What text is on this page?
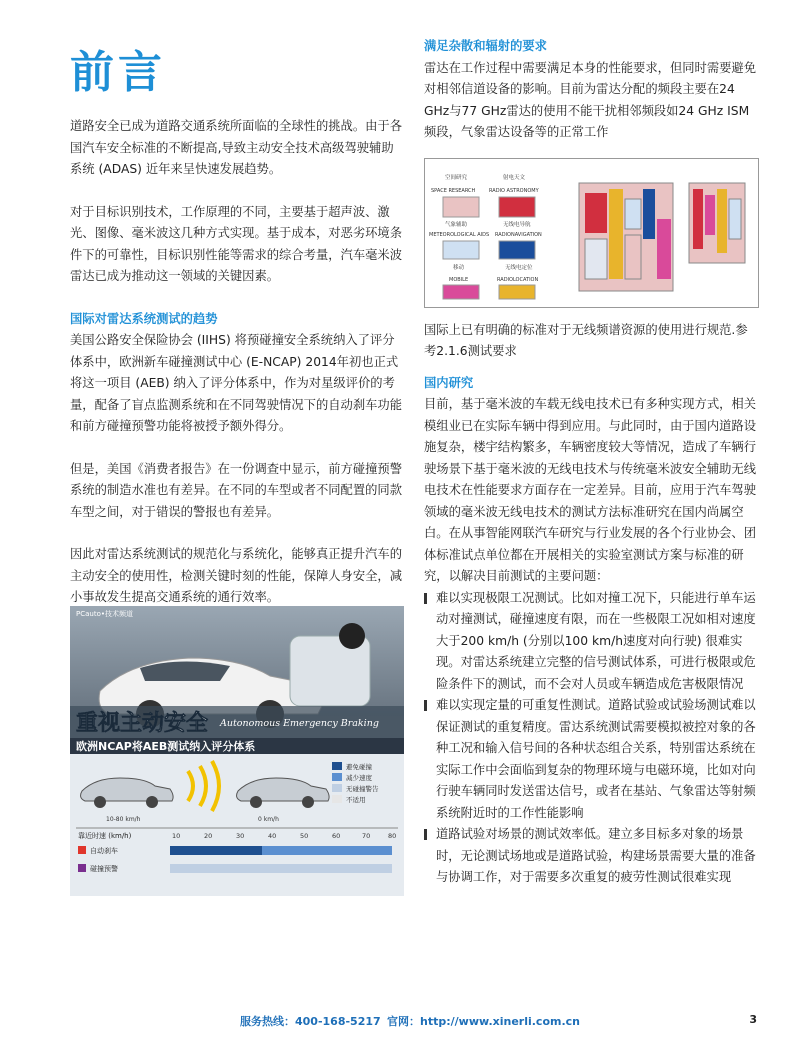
前言

道路安全已成为道路交通系统所面临的全球性的挑战。由于各国汽车安全标准的不断提高,导致主动安全技术高级驾驶辅助系统 (ADAS) 近年来呈快速发展趋势。

对于目标识别技术，工作原理的不同，主要基于超声波、激光、图像、毫米波这几种方式实现。基于成本，对恶劣环境条件下的可靠性，目标识别性能等需求的综合考量，汽车毫米波雷达已成为推动这一领域的关键因素。

国际对雷达系统测试的趋势

美国公路安全保险协会 (IIHS) 将预碰撞安全系统纳入了评分体系中，欧洲新车碰撞测试中心 (E-NCAP) 2014年初也正式将这一项目 (AEB) 纳入了评分体系中，作为对星级评价的考量，配备了盲点监测系统和在不同驾驶情况下的自动刹车功能和前方碰撞预警功能将被授予额外得分。

但是，美国《消费者报告》在一份调查中显示，前方碰撞预警系统的制造水准也有差异。在不同的车型或者不同配置的同款车型之间，对于错误的警报也有差异。

因此对雷达系统测试的规范化与系统化，能够真正提升汽车的主动安全的使用性，检测关键时刻的性能，保障人身安全，减小事故发生提高交通系统的通行效率。

PCauto•技术频道
重视主动安全 Autonomous Emergency Braking
欧洲NCAP将AEB测试纳入评分体系
10-80 km/h	0 km/h
避免碰撞
减少速度
无碰撞警告
不适用
靠近时速 (km/h)	10	20	30	40	50	60	70	80
自动刹车
碰撞预警

满足杂散和辐射的要求

雷达在工作过程中需要满足本身的性能要求，但同时需要避免对相邻信道设备的影响。目前为雷达分配的频段主要在24 GHz与77 GHz雷达的使用不能干扰相邻频段如24 GHz ISM频段，气象雷达设备等的正常工作

空间研究	射电天文
SPACE RESEARCH	RADIO ASTRONOMY
气象辅助	无线电导航
METEOROLOGICAL AIDS RADIONAVIGATION
移动	无线电定位
MOBILE	RADIOLOCATION

国际上已有明确的标准对于无线频谱资源的使用进行规范.参考2.1.6测试要求

国内研究

目前，基于毫米波的车载无线电技术已有多种实现方式，相关模组业已在实际车辆中得到应用。与此同时，由于国内道路设施复杂，楼宇结构繁多，车辆密度较大等情况，造成了车辆行驶场景下基于毫米波的无线电技术与传统毫米波安全辅助无线电技术在性能要求方面存在一定差异。目前，应用于汽车驾驶领域的毫米波无线电技术的测试方法标准研究在国内尚属空白。在从事智能网联汽车研究与行业发展的各个行业协会、团体标准试点单位都在开展相关的实验室测试方案与标准的研究，以解决目前测试的主要问题：

难以实现极限工况测试。比如对撞工况下，只能进行单车运动对撞测试，碰撞速度有限，而在一些极限工况如相对速度大于200 km/h (分别以100 km/h速度对向行驶) 很难实现。对雷达系统建立完整的信号测试体系，可进行极限或危险条件下的测试，而不会对人员或车辆造成危害极限情况

难以实现定量的可重复性测试。道路试验或试验场测试难以保证测试的重复精度。雷达系统测试需要模拟被控对象的各种工况和输入信号间的各种状态组合关系，特别雷达系统在实际工作中会面临到复杂的物理环境与电磁环境，比如对向行驶车辆同时发送雷达信号，或者在基站、气象雷达等射频系统附近时的工作性能影响

道路试验对场景的测试效率低。建立多目标多对象的场景时，无论测试场地或是道路试验，构建场景需要大量的准备与协调工作，对于需要多次重复的疲劳性测试很难实现

服务热线：400-168-5217 官网：http://www.xinerli.com.cn	3
